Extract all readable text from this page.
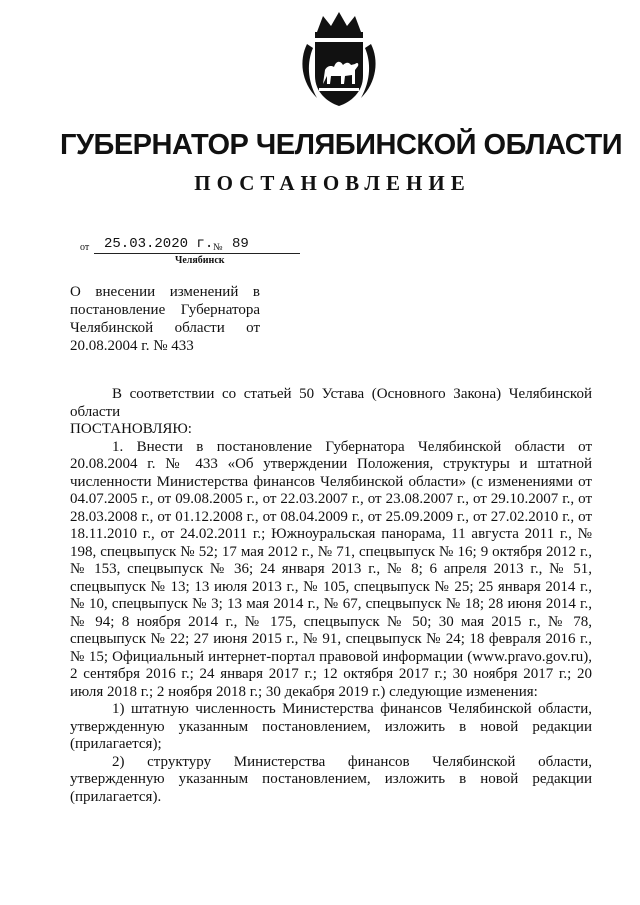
ГУБЕРНАТОР ЧЕЛЯБИНСКОЙ ОБЛАСТИ
ПОСТАНОВЛЕНИЕ
от 25.03.2020 г. № 89
Челябинск
О внесении изменений в постановление Губернатора Челябинской области от 20.08.2004 г. № 433

В соответствии со статьей 50 Устава (Основного Закона) Челябинской области

ПОСТАНОВЛЯЮ:

1. Внести в постановление Губернатора Челябинской области от 20.08.2004 г. № 433 «Об утверждении Положения, структуры и штатной численности Министерства финансов Челябинской области» (с изменениями от 04.07.2005 г., от 09.08.2005 г., от 22.03.2007 г., от 23.08.2007 г., от 29.10.2007 г., от 28.03.2008 г., от 01.12.2008 г., от 08.04.2009 г., от 25.09.2009 г., от 27.02.2010 г., от 18.11.2010 г., от 24.02.2011 г.; Южноуральская панорама, 11 августа 2011 г., № 198, спецвыпуск № 52; 17 мая 2012 г., № 71, спецвыпуск № 16; 9 октября 2012 г., № 153, спецвыпуск № 36; 24 января 2013 г., № 8; 6 апреля 2013 г., № 51, спецвыпуск № 13; 13 июля 2013 г., № 105, спецвыпуск № 25; 25 января 2014 г., № 10, спецвыпуск № 3; 13 мая 2014 г., № 67, спецвыпуск № 18; 28 июня 2014 г., № 94; 8 ноября 2014 г., № 175, спецвыпуск № 50; 30 мая 2015 г., № 78, спецвыпуск № 22; 27 июня 2015 г., № 91, спецвыпуск № 24; 18 февраля 2016 г., № 15; Официальный интернет-портал правовой информации (www.pravo.gov.ru), 2 сентября 2016 г.; 24 января 2017 г.; 12 октября 2017 г.; 30 ноября 2017 г.; 20 июля 2018 г.; 2 ноября 2018 г.; 30 декабря 2019 г.) следующие изменения:

1) штатную численность Министерства финансов Челябинской области, утвержденную указанным постановлением, изложить в новой редакции (прилагается);

2) структуру Министерства финансов Челябинской области, утвержденную указанным постановлением, изложить в новой редакции (прилагается).
